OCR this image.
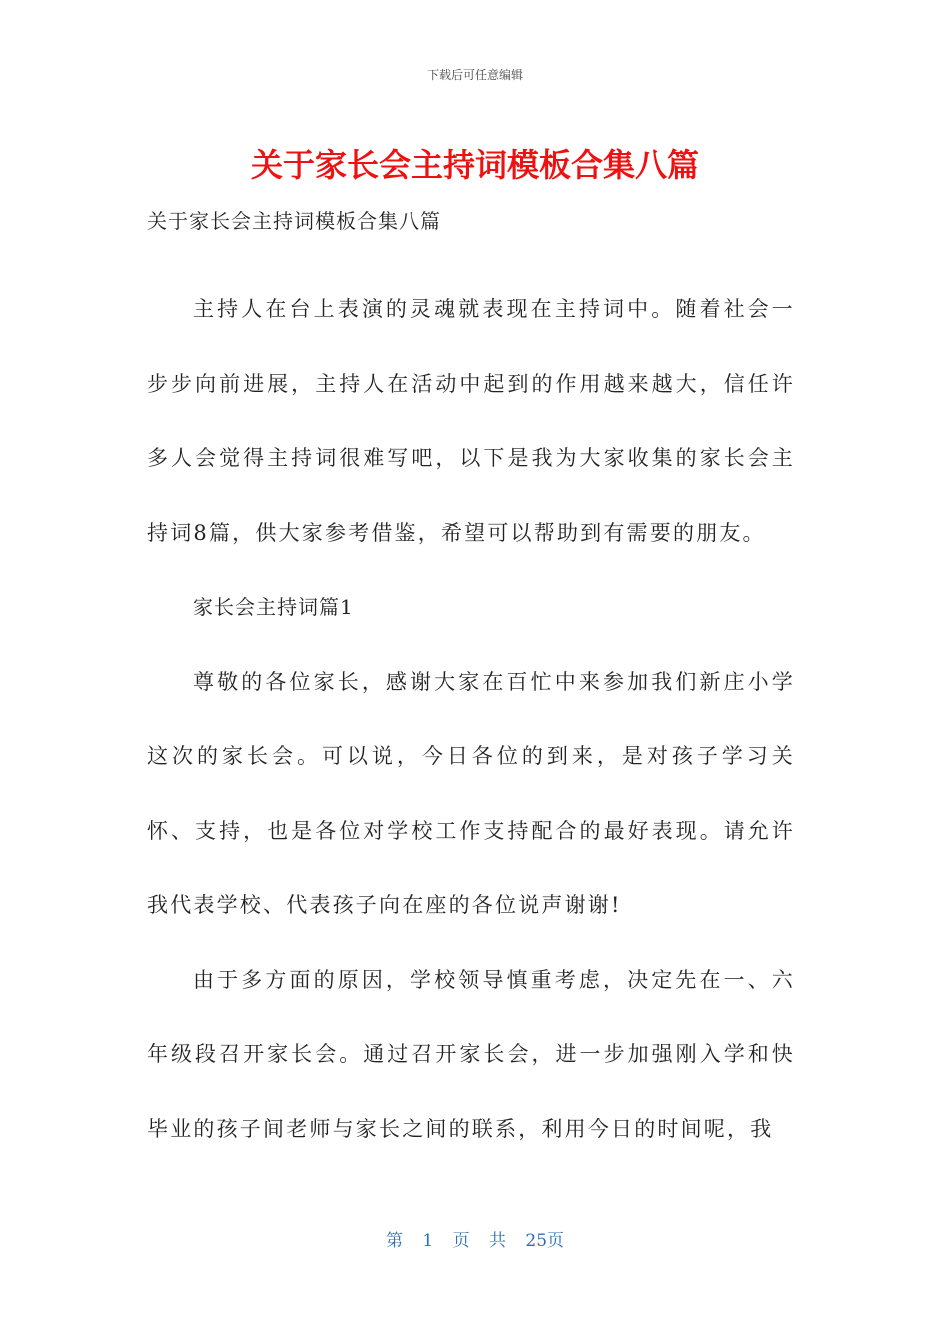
下载后可任意编辑
关于家长会主持词模板合集八篇
关于家长会主持词模板合集八篇

主持人在台上表演的灵魂就表现在主持词中。随着社会一步步向前进展，主持人在活动中起到的作用越来越大，信任许多人会觉得主持词很难写吧，以下是我为大家收集的家长会主持词8篇，供大家参考借鉴，希望可以帮助到有需要的朋友。

家长会主持词篇1

尊敬的各位家长，感谢大家在百忙中来参加我们新庄小学这次的家长会。可以说，今日各位的到来，是对孩子学习关怀、支持，也是各位对学校工作支持配合的最好表现。请允许我代表学校、代表孩子向在座的各位说声谢谢!

由于多方面的原因，学校领导慎重考虑，决定先在一、六年级段召开家长会。通过召开家长会，进一步加强刚入学和快毕业的孩子间老师与家长之间的联系，利用今日的时间呢，我

第 1 页 共 25页
